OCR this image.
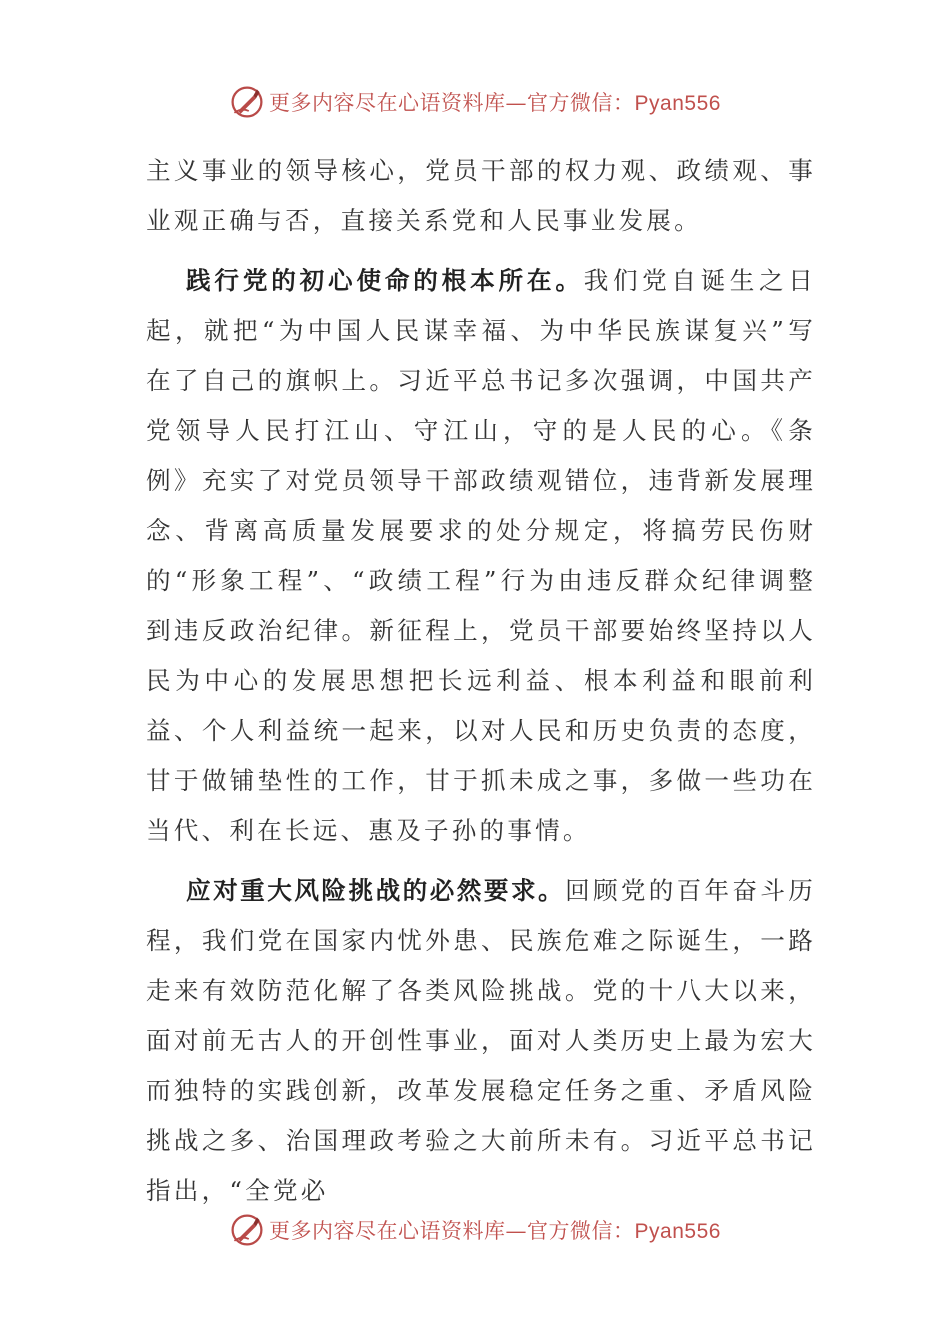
更多内容尽在心语资料库—官方微信：Pyan556

主义事业的领导核心，党员干部的权力观、政绩观、事业观正确与否，直接关系党和人民事业发展。

践行党的初心使命的根本所在。我们党自诞生之日起，就把“为中国人民谋幸福、为中华民族谋复兴”写在了自己的旗帜上。习近平总书记多次强调，中国共产党领导人民打江山、守江山，守的是人民的心。《条例》充实了对党员领导干部政绩观错位，违背新发展理念、背离高质量发展要求的处分规定，将搞劳民伤财的“形象工程”、“政绩工程”行为由违反群众纪律调整到违反政治纪律。新征程上，党员干部要始终坚持以人民为中心的发展思想把长远利益、根本利益和眼前利益、个人利益统一起来，以对人民和历史负责的态度，甘于做铺垫性的工作，甘于抓未成之事，多做一些功在当代、利在长远、惠及子孙的事情。

应对重大风险挑战的必然要求。回顾党的百年奋斗历程，我们党在国家内忧外患、民族危难之际诞生，一路走来有效防范化解了各类风险挑战。党的十八大以来，面对前无古人的开创性事业，面对人类历史上最为宏大而独特的实践创新，改革发展稳定任务之重、矛盾风险挑战之多、治国理政考验之大前所未有。习近平总书记指出，“全党必

更多内容尽在心语资料库—官方微信：Pyan556
